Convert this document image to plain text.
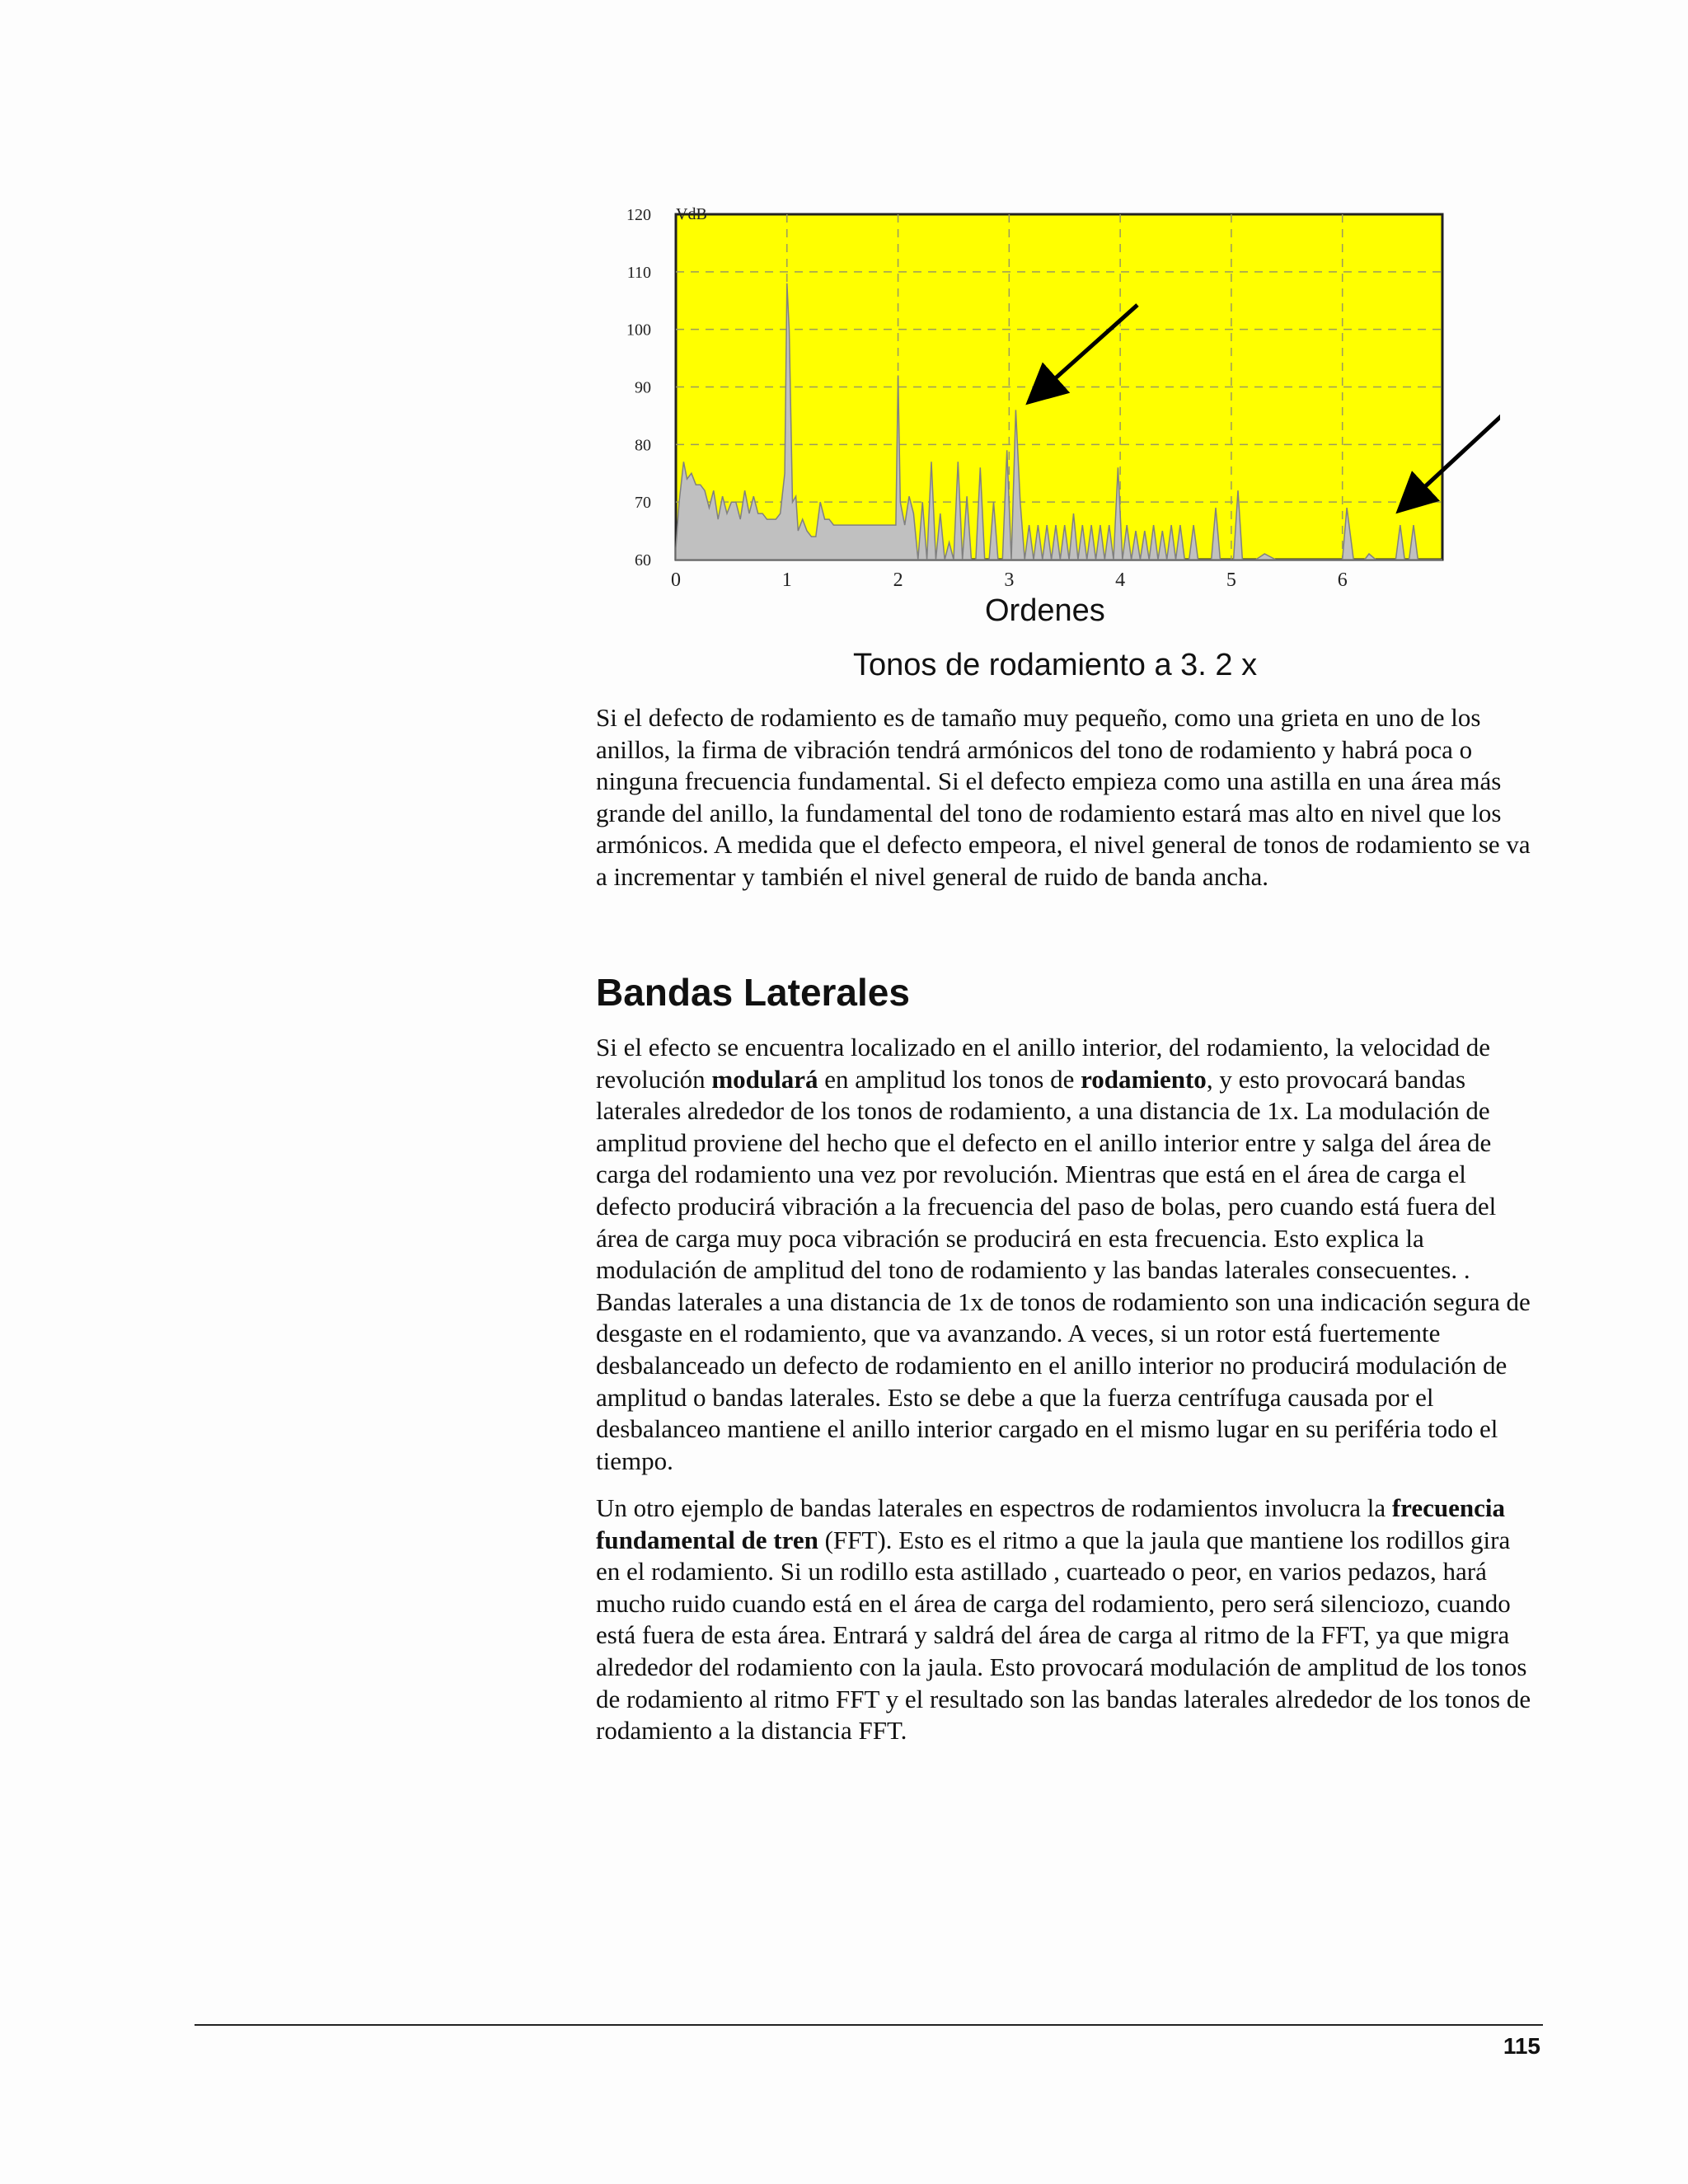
60
70
80
90
100
110
120
0	1	2	3	4	5	6
VdB
Ordenes
Tonos de rodamiento a 3. 2 x

Si el defecto de rodamiento es de tamaño muy pequeño, como una grieta en uno de los anillos, la firma de vibración tendrá armónicos del tono de rodamiento y habrá poca o ninguna frecuencia fundamental. Si el defecto empieza como una astilla en una área más grande del anillo, la fundamental del tono de rodamiento estará mas alto en nivel que los armónicos. A medida que el defecto empeora, el nivel general de tonos de rodamiento se va a incrementar y también el nivel general de ruido de banda ancha.

Bandas Laterales

Si el efecto se encuentra localizado en el anillo interior, del rodamiento, la velocidad de revolución modulará en amplitud los tonos de rodamiento, y esto provocará bandas laterales alrededor de los tonos de rodamiento, a una distancia de 1x. La modulación de amplitud proviene del hecho que el defecto en el anillo interior entre y salga del área de carga del rodamiento una vez por revolución. Mientras que está en el área de carga el defecto producirá vibración a la frecuencia del paso de bolas, pero cuando está fuera del área de carga muy poca vibración se producirá en esta frecuencia. Esto explica la modulación de amplitud del tono de rodamiento y las bandas laterales consecuentes. . Bandas laterales a una distancia de 1x de tonos de rodamiento son una indicación segura de desgaste en el rodamiento, que va avanzando. A veces, si un rotor está fuertemente desbalanceado un defecto de rodamiento en el anillo interior no producirá modulación de amplitud o bandas laterales. Esto se debe a que la fuerza centrífuga causada por el desbalanceo mantiene el anillo interior cargado en el mismo lugar en su periféria todo el tiempo.

Un otro ejemplo de bandas laterales en espectros de rodamientos involucra la frecuencia fundamental de tren (FFT). Esto es el ritmo a que la jaula que mantiene los rodillos gira en el rodamiento. Si un rodillo esta astillado , cuarteado o peor, en varios pedazos, hará mucho ruido cuando está en el área de carga del rodamiento, pero será silenciozo, cuando está fuera de esta área. Entrará y saldrá del área de carga al ritmo de la FFT, ya que migra alrededor del rodamiento con la jaula. Esto provocará modulación de amplitud de los tonos de rodamiento al ritmo FFT y el resultado son las bandas laterales alrededor de los tonos de rodamiento a la distancia FFT.

115
